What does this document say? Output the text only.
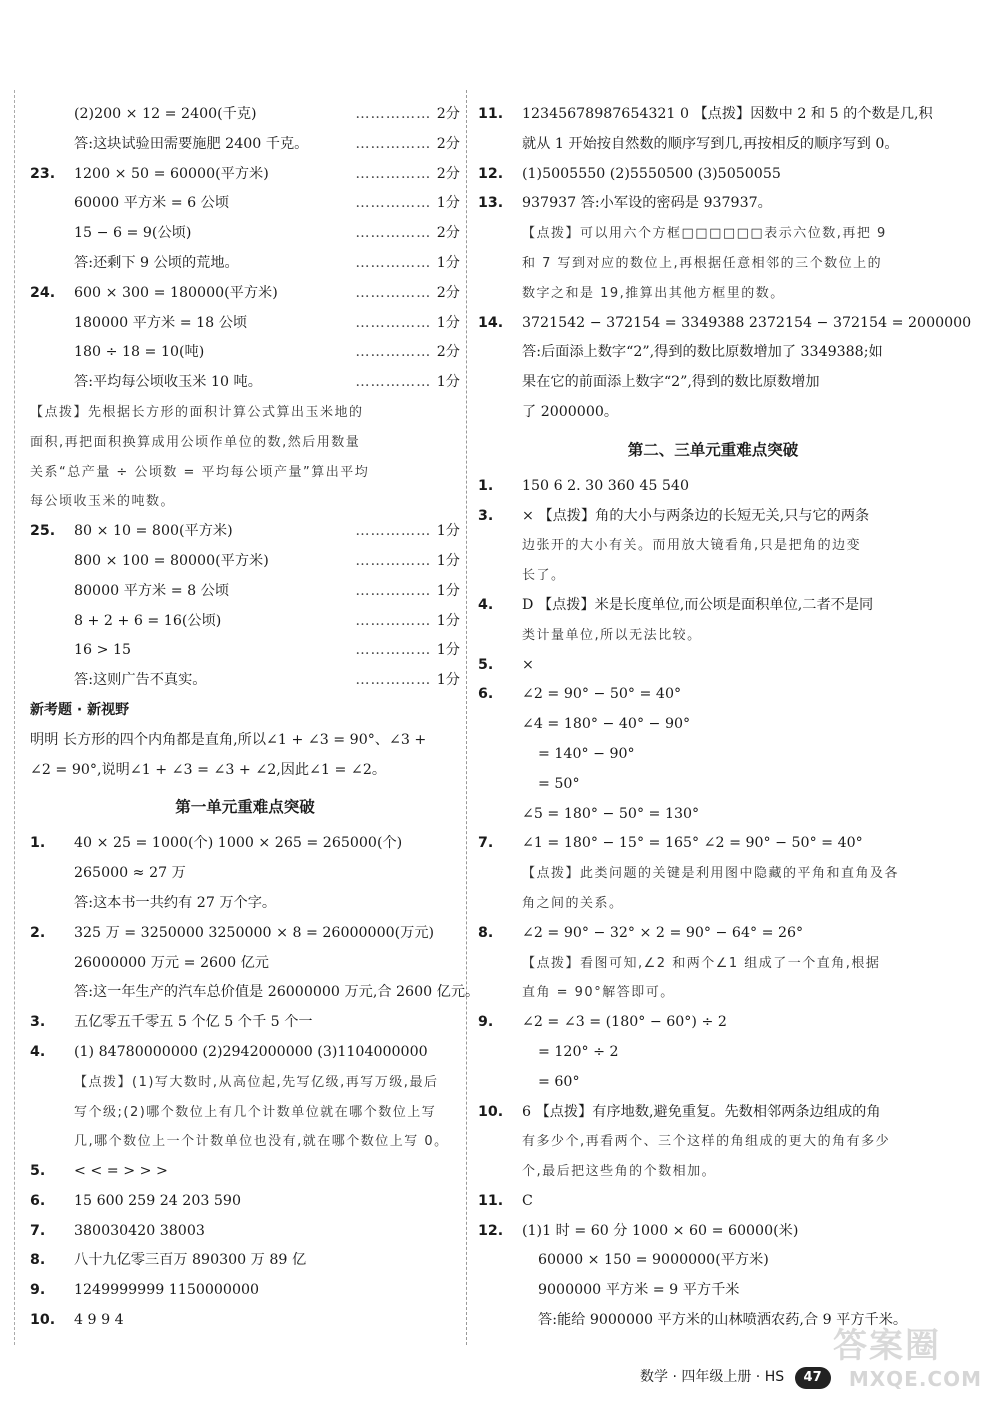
(2)200 × 12 = 2400(千克)	…………… 2分
答:这块试验田需要施肥 2400 千克。	…………… 2分
23. 1200 × 50 = 60000(平方米)	…………… 2分
60000 平方米 = 6 公顷	…………… 1分
15 − 6 = 9(公顷)	…………… 2分
答:还剩下 9 公顷的荒地。	…………… 1分
24. 600 × 300 = 180000(平方米)	…………… 2分
180000 平方米 = 18 公顷	…………… 1分
180 ÷ 18 = 10(吨)	…………… 2分
答:平均每公顷收玉米 10 吨。	…………… 1分
【点拨】先根据长方形的面积计算公式算出玉米地的
面积,再把面积换算成用公顷作单位的数,然后用数量
关系“总产量 ÷ 公顷数 = 平均每公顷产量”算出平均
每公顷收玉米的吨数。
25. 80 × 10 = 800(平方米)	…………… 1分
800 × 100 = 80000(平方米)	…………… 1分
80000 平方米 = 8 公顷	…………… 1分
8 + 2 + 6 = 16(公顷)	…………… 1分
16 > 15	…………… 1分
答:这则广告不真实。	…………… 1分
新考题 · 新视野
明明 长方形的四个内角都是直角,所以∠1 + ∠3 = 90°、∠3 +
∠2 = 90°,说明∠1 + ∠3 = ∠3 + ∠2,因此∠1 = ∠2。
第一单元重难点突破
1. 40 × 25 = 1000(个) 1000 × 265 = 265000(个)
265000 ≈ 27 万
答:这本书一共约有 27 万个字。
2. 325 万 = 3250000 3250000 × 8 = 26000000(万元)
26000000 万元 = 2600 亿元
答:这一年生产的汽车总价值是 26000000 万元,合 2600 亿元。
3. 五亿零五千零五 5 个亿 5 个千 5 个一
4. (1) 84780000000 (2)2942000000 (3)1104000000
【点拨】(1)写大数时,从高位起,先写亿级,再写万级,最后
写个级;(2)哪个数位上有几个计数单位就在哪个数位上写
几,哪个数位上一个计数单位也没有,就在哪个数位上写 0。
5. < < = > > >
6. 15 600 259 24 203 590
7. 380030420 38003
8. 八十九亿零三百万 890300 万 89 亿
9. 1249999999 1150000000
10. 4 9 9 4
11. 12345678987654321 0 【点拨】因数中 2 和 5 的个数是几,积
就从 1 开始按自然数的顺序写到几,再按相反的顺序写到 0。
12. (1)5005550 (2)5550500 (3)5050055
13. 937937 答:小军设的密码是 937937。
【点拨】可以用六个方框□□□□□□表示六位数,再把 9
和 7 写到对应的数位上,再根据任意相邻的三个数位上的
数字之和是 19,推算出其他方框里的数。
14. 3721542 − 372154 = 3349388 2372154 − 372154 = 2000000
答:后面添上数字“2”,得到的数比原数增加了 3349388;如
果在它的前面添上数字“2”,得到的数比原数增加
了 2000000。
第二、三单元重难点突破
1. 150 6 2. 30 360 45 540
3. × 【点拨】角的大小与两条边的长短无关,只与它的两条
边张开的大小有关。而用放大镜看角,只是把角的边变
长了。
4. D 【点拨】米是长度单位,而公顷是面积单位,二者不是同
类计量单位,所以无法比较。
5. ×
6. ∠2 = 90° − 50° = 40°
∠4 = 180° − 40° − 90°
= 140° − 90°
= 50°
∠5 = 180° − 50° = 130°
7. ∠1 = 180° − 15° = 165° ∠2 = 90° − 50° = 40°
【点拨】此类问题的关键是利用图中隐藏的平角和直角及各
角之间的关系。
8. ∠2 = 90° − 32° × 2 = 90° − 64° = 26°
【点拨】看图可知,∠2 和两个∠1 组成了一个直角,根据
直角 = 90°解答即可。
9. ∠2 = ∠3 = (180° − 60°) ÷ 2
= 120° ÷ 2
= 60°
10. 6 【点拨】有序地数,避免重复。先数相邻两条边组成的角
有多少个,再看两个、三个这样的角组成的更大的角有多少
个,最后把这些角的个数相加。
11. C
12. (1)1 时 = 60 分 1000 × 60 = 60000(米)
60000 × 150 = 9000000(平方米)
9000000 平方米 = 9 平方千米
答:能给 9000000 平方米的山林喷洒农药,合 9 平方千米。
数学 · 四年级上册 · HS 47
答案圈
MXQE.COM
